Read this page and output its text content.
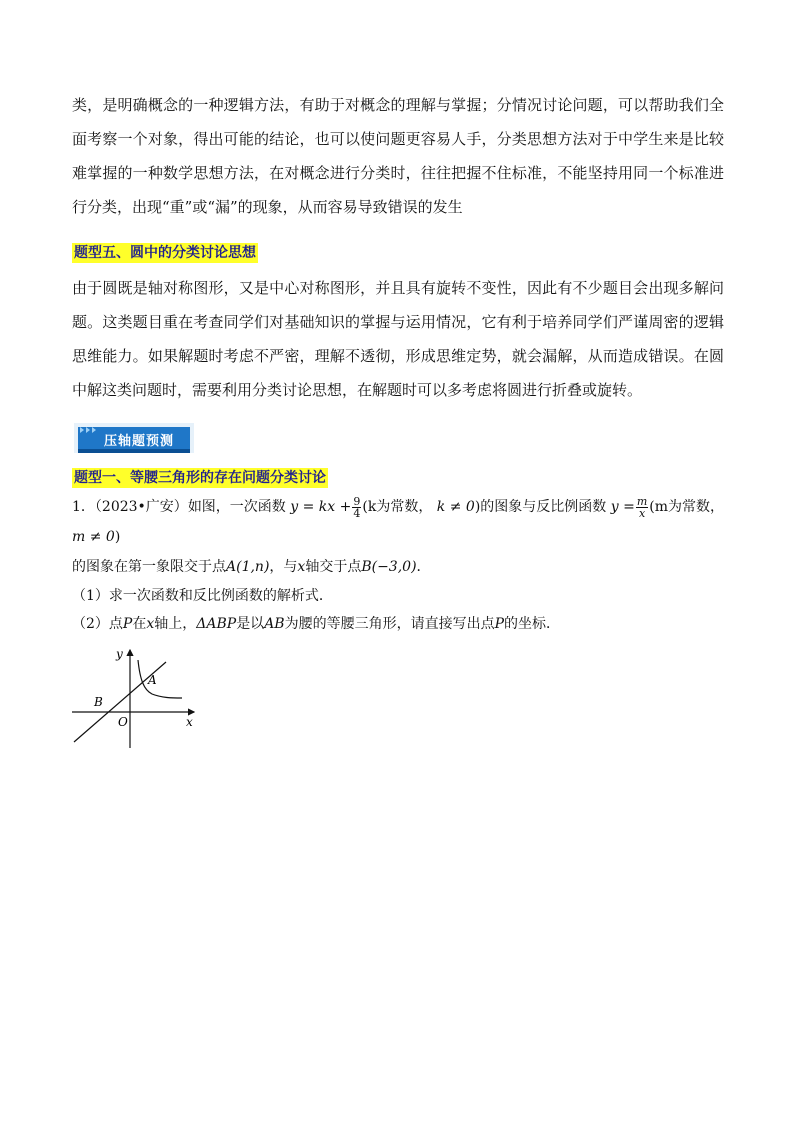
类，是明确概念的一种逻辑方法，有助于对概念的理解与掌握；分情况讨论问题，可以帮助我们全面考察一个对象，得出可能的结论，也可以使问题更容易人手，分类思想方法对于中学生来是比较难掌握的一种数学思想方法，在对概念进行分类时，往往把握不住标准，不能坚持用同一个标准进行分类，出现“重”或“漏”的现象，从而容易导致错误的发生

题型五、圆中的分类讨论思想

由于圆既是轴对称图形，又是中心对称图形，并且具有旋转不变性，因此有不少题目会出现多解问题。这类题目重在考查同学们对基础知识的掌握与运用情况，它有利于培养同学们严谨周密的逻辑思维能力。如果解题时考虑不严密，理解不透彻，形成思维定势，就会漏解，从而造成错误。在圆中解这类问题时，需要利用分类讨论思想，在解题时可以多考虑将圆进行折叠或旋转。

压轴题预测
题型一、等腰三角形的存在问题分类讨论

1．（2023•广安）如图，一次函数 y = kx + $\frac{9}{4} (k$为常数， k ≠ 0)的图象与反比例函数 $y = \frac{m}{x} (m$为常数， m ≠ 0)

的图象在第一象限交于点A(1,n)，与x轴交于点B(−3,0)．

（1）求一次函数和反比例函数的解析式．

（2）点P在x轴上，ΔABP是以AB为腰的等腰三角形，请直接写出点P的坐标．

y
x
A
B
O
